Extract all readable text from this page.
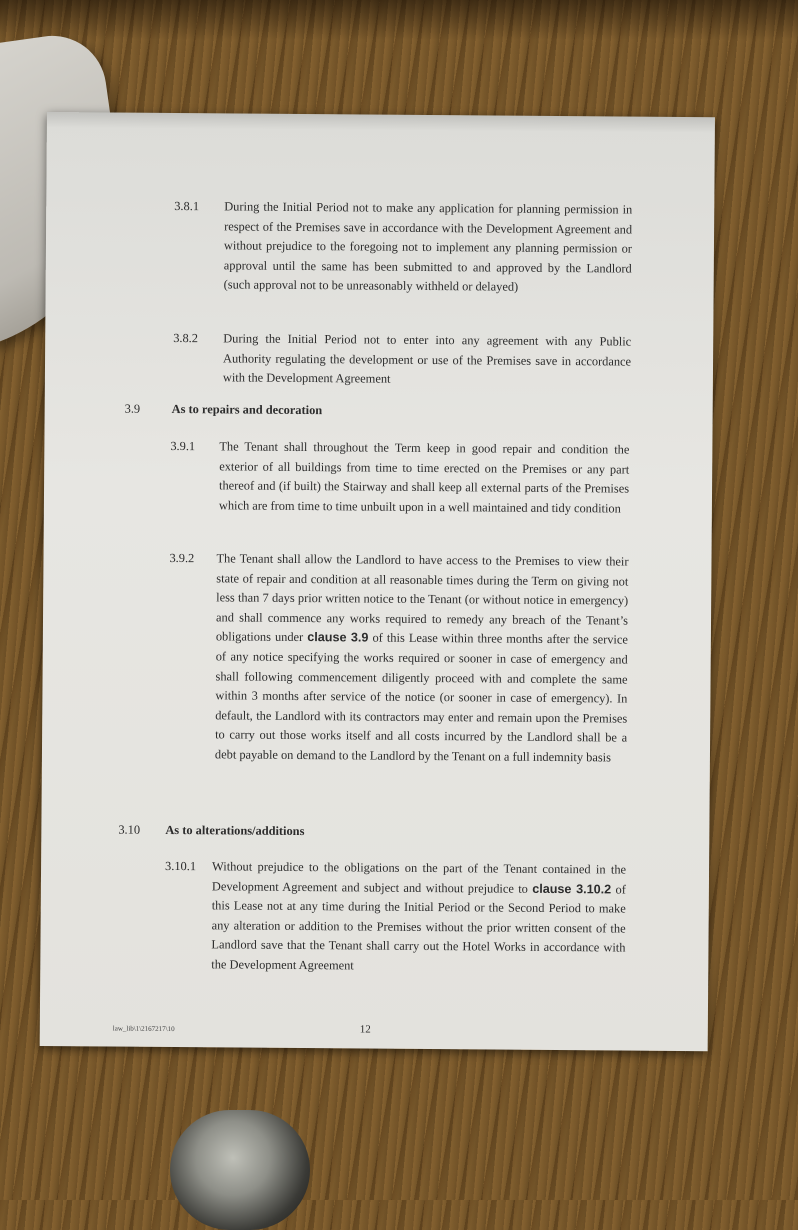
3.8.1 During the Initial Period not to make any application for planning permission in respect of the Premises save in accordance with the Development Agreement and without prejudice to the foregoing not to implement any planning permission or approval until the same has been submitted to and approved by the Landlord (such approval not to be unreasonably withheld or delayed)
3.8.2 During the Initial Period not to enter into any agreement with any Public Authority regulating the development or use of the Premises save in accordance with the Development Agreement
3.9	As to repairs and decoration
3.9.1 The Tenant shall throughout the Term keep in good repair and condition the exterior of all buildings from time to time erected on the Premises or any part thereof and (if built) the Stairway and shall keep all external parts of the Premises which are from time to time unbuilt upon in a well maintained and tidy condition
3.9.2 The Tenant shall allow the Landlord to have access to the Premises to view their state of repair and condition at all reasonable times during the Term on giving not less than 7 days prior written notice to the Tenant (or without notice in emergency) and shall commence any works required to remedy any breach of the Tenant’s obligations under clause 3.9 of this Lease within three months after the service of any notice specifying the works required or sooner in case of emergency and shall following commencement diligently proceed with and complete the same within 3 months after service of the notice (or sooner in case of emergency). In default, the Landlord with its contractors may enter and remain upon the Premises to carry out those works itself and all costs incurred by the Landlord shall be a debt payable on demand to the Landlord by the Tenant on a full indemnity basis
3.10 As to alterations/additions
3.10.1 Without prejudice to the obligations on the part of the Tenant contained in the Development Agreement and subject and without prejudice to clause 3.10.2 of this Lease not at any time during the Initial Period or the Second Period to make any alteration or addition to the Premises without the prior written consent of the Landlord save that the Tenant shall carry out the Hotel Works in accordance with the Development Agreement
law_lib\1\2167217\10	12
